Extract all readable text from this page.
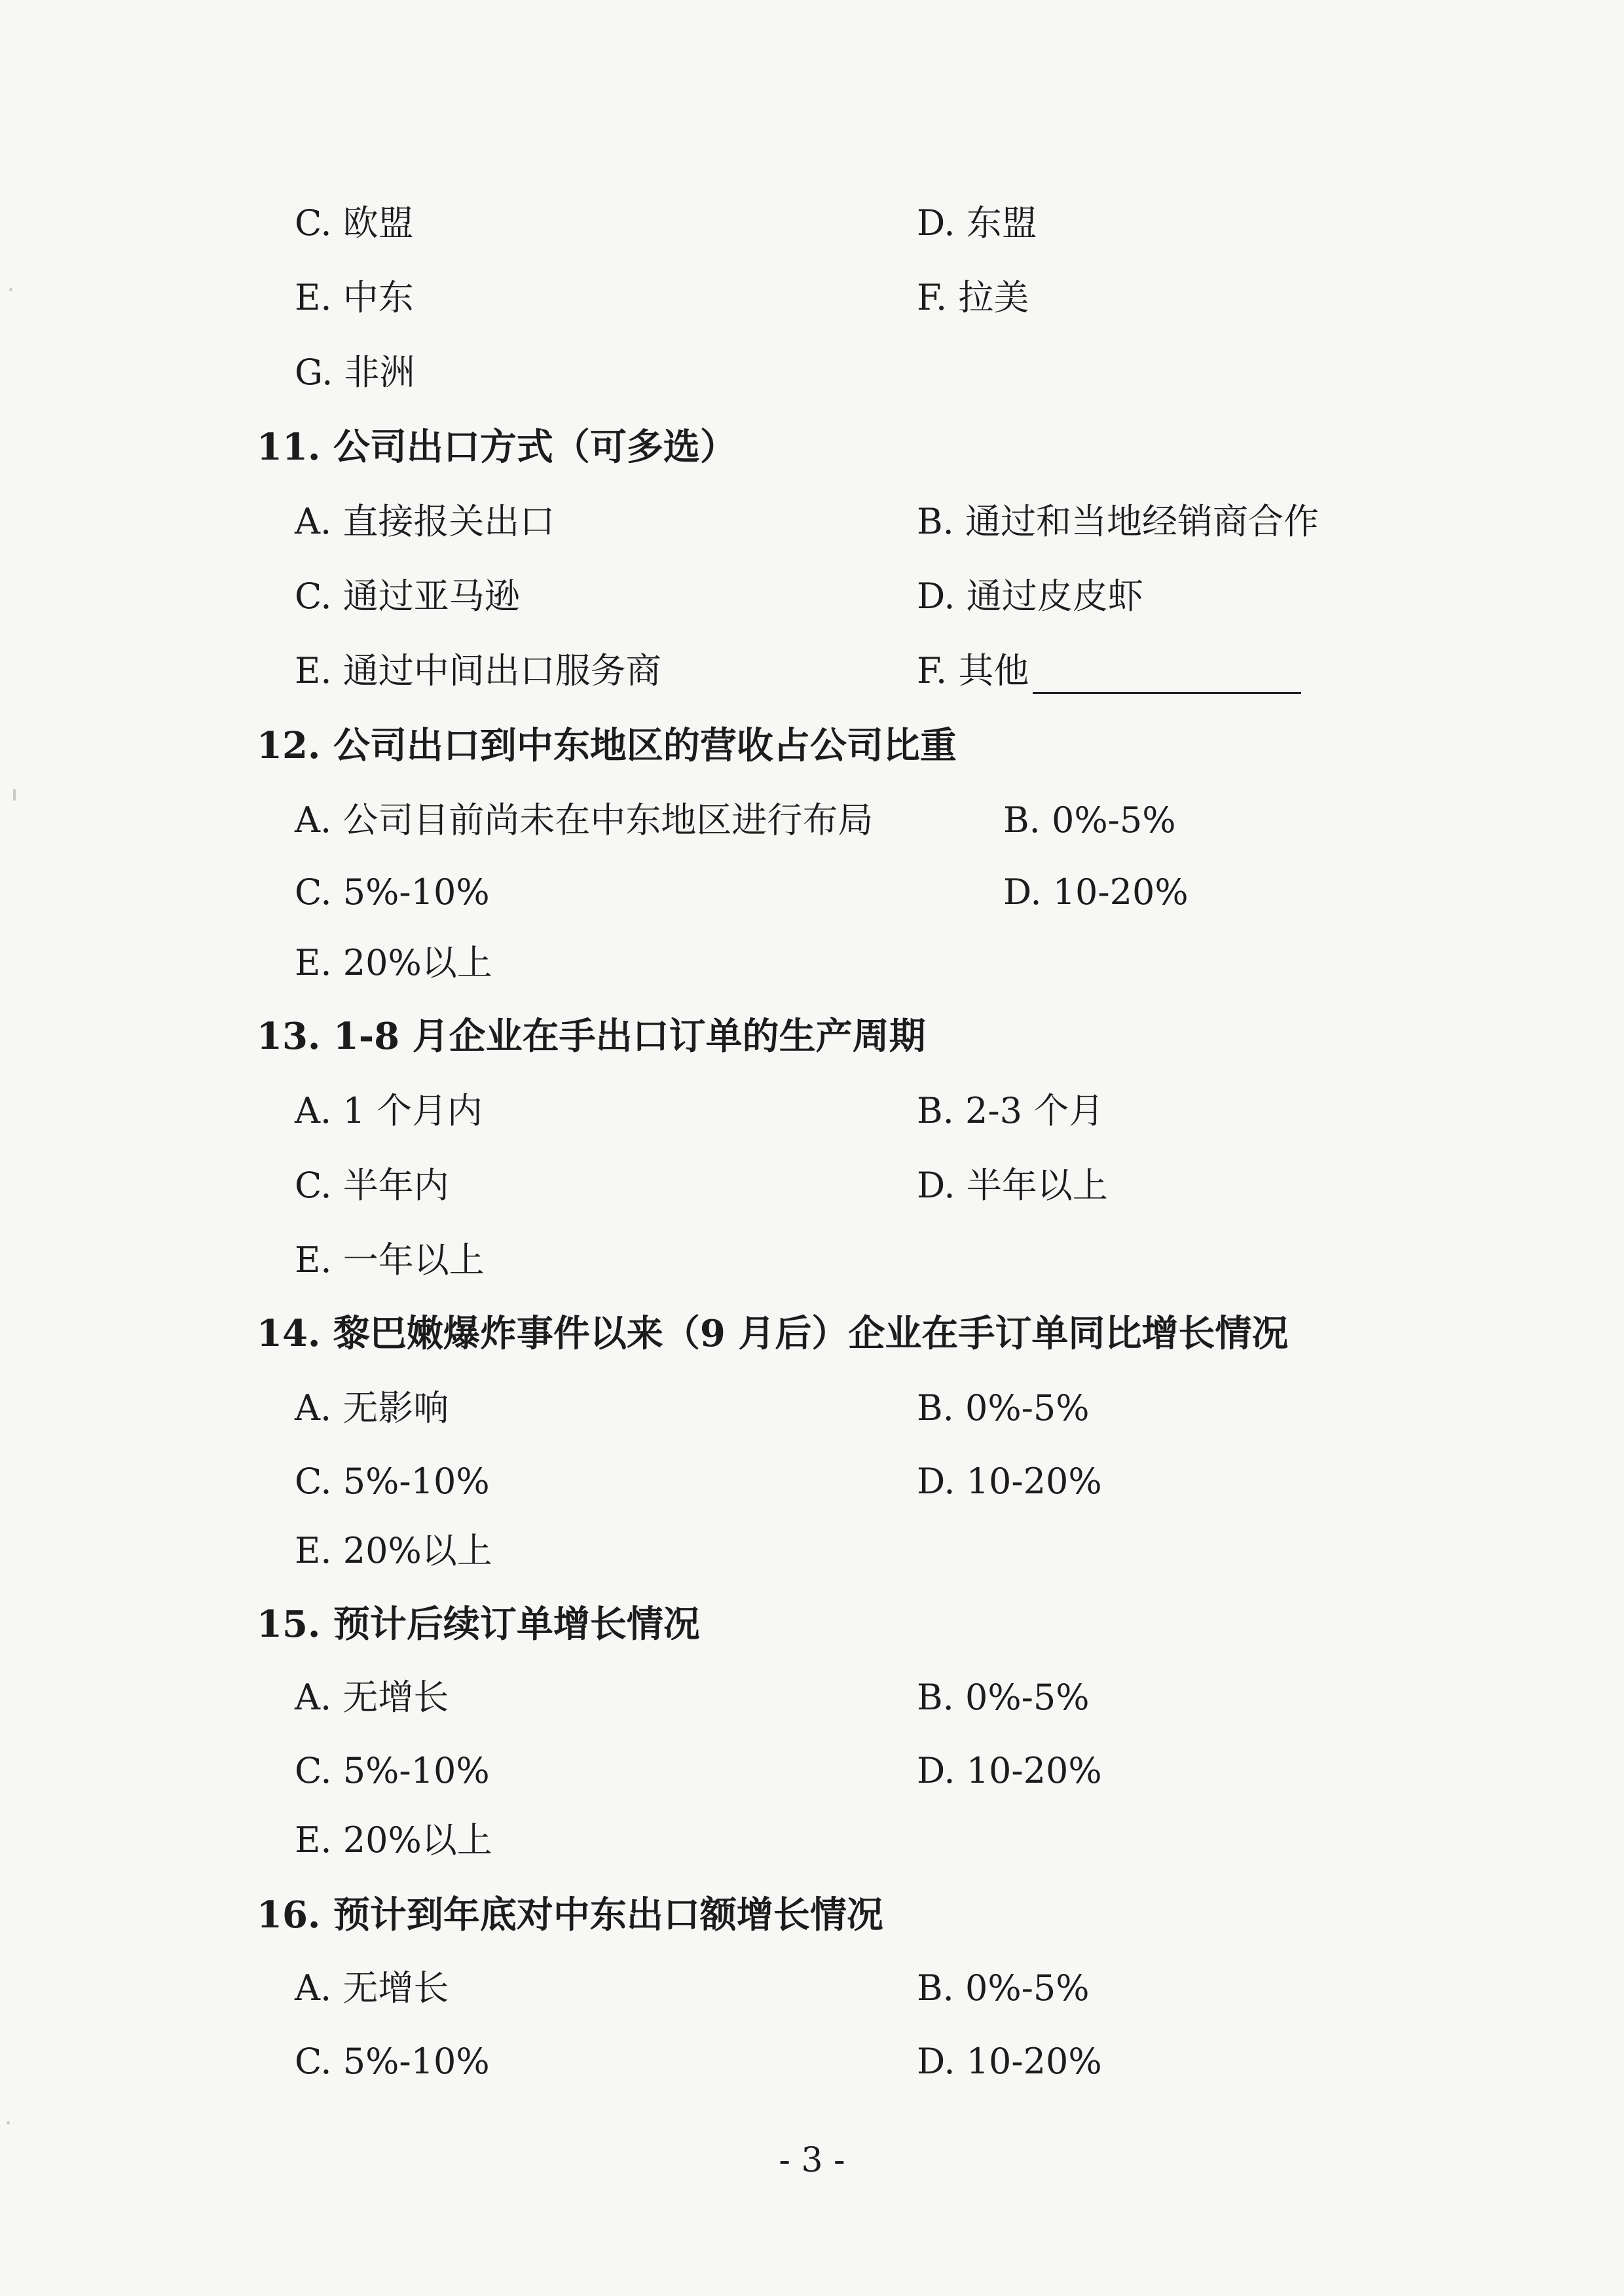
C. 欧盟	D. 东盟
E. 中东	F. 拉美
G. 非洲
11. 公司出口方式（可多选）
A. 直接报关出口	B. 通过和当地经销商合作
C. 通过亚马逊	D. 通过皮皮虾
E. 通过中间出口服务商	F. 其他
12. 公司出口到中东地区的营收占公司比重
A. 公司目前尚未在中东地区进行布局	B. 0%-5%
C. 5%-10%	D. 10-20%
E. 20%以上
13. 1-8 月企业在手出口订单的生产周期
A. 1 个月内	B. 2-3 个月
C. 半年内	D. 半年以上
E. 一年以上
14. 黎巴嫩爆炸事件以来（9 月后）企业在手订单同比增长情况
A. 无影响	B. 0%-5%
C. 5%-10%	D. 10-20%
E. 20%以上
15. 预计后续订单增长情况
A. 无增长	B. 0%-5%
C. 5%-10%	D. 10-20%
E. 20%以上
16. 预计到年底对中东出口额增长情况
A. 无增长	B. 0%-5%
C. 5%-10%	D. 10-20%
- 3 -
